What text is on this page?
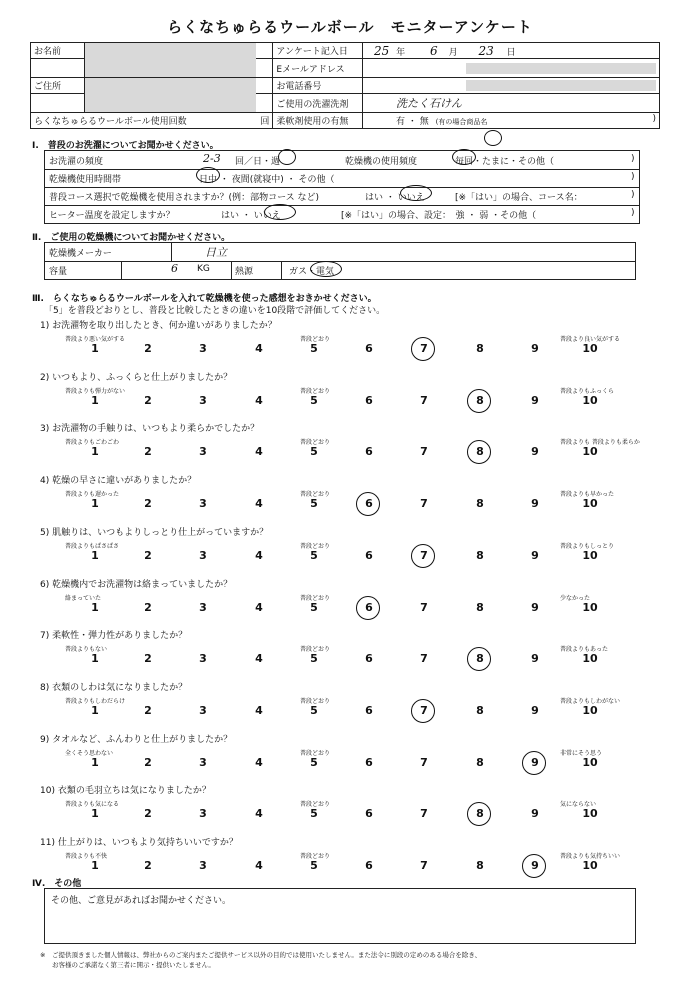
らくなちゅらるウールボール　モニターアンケート
お名前			アンケート記入日	25 年 6 月 23 日
			Eメールアドレス	

ご住所			お電話番号	

			ご使用の洗濯洗剤	洗たく石けん
らくなちゅらるウールボール使用回数		回	柔軟剤使用の有無	有 ・ 無 (有の場合商品名 )
Ⅰ.　普段のお洗濯についてお聞かせください。
お洗濯の頻度	2-3 回／日・週	乾燥機の使用頻度	毎回・たまに・その他（	)
乾燥機使用時間帯	日中 ・ 夜間(就寝中) ・ その他（	)
普段コース選択で乾燥機を使用されますか？(例：部物コース など)	はい ・ いいえ	[※「はい」の場合、コース名：	)
ヒーター温度を設定しますか？	はい ・ いいえ	[※「はい」の場合、設定：　強 ・ 弱 ・その他（	)
Ⅱ.　ご使用の乾燥機についてお聞かせください。
乾燥機メーカー	日立
容量	6 KG	熱源	ガス・電気
Ⅲ.　らくなちゅらるウールボールを入れて乾燥機を使った感想をおきかせください。
「5」を普段どおりとし、普段と比較したときの違いを10段階で評価してください。
1) お洗濯物を取り出したとき、何か違いがありましたか？
普段より悪い気がする	普段どおり	普段より良い気がする
1	2	3	4	5	6	7	8	9	10
2) いつもより、ふっくらと仕上がりましたか？
普段よりも弾力がない	普段どおり	普段よりもふっくら
1	2	3	4	5	6	7	8	9	10
3) お洗濯物の手触りは、いつもより柔らかでしたか？
普段よりもごわごわ	普段どおり	普段よりも 普段よりも柔らか
1	2	3	4	5	6	7	8	9	10
4) 乾燥の早さに違いがありましたか？
普段よりも遅かった	普段どおり	普段よりも早かった
1	2	3	4	5	6	7	8	9	10
5) 肌触りは、いつもよりしっとり仕上がっていますか？
普段よりもぱさぱさ	普段どおり	普段よりもしっとり
1	2	3	4	5	6	7	8	9	10
6) 乾燥機内でお洗濯物は絡まっていましたか？
絡まっていた	普段どおり	少なかった
1	2	3	4	5	6	7	8	9	10
7) 柔軟性・弾力性がありましたか？
普段よりもない	普段どおり	普段よりもあった
1	2	3	4	5	6	7	8	9	10
8) 衣類のしわは気になりましたか？
普段よりもしわだらけ	普段どおり	普段よりもしわがない
1	2	3	4	5	6	7	8	9	10
9) タオルなど、ふんわりと仕上がりましたか？
全くそう思わない	普段どおり	非常にそう思う
1	2	3	4	5	6	7	8	9	10
10) 衣類の毛羽立ちは気になりましたか？
普段よりも気になる	普段どおり	気にならない
1	2	3	4	5	6	7	8	9	10
11) 仕上がりは、いつもより気持ちいいですか？
普段よりも不快	普段どおり	普段よりも気持ちいい
1	2	3	4	5	6	7	8	9	10
Ⅳ.　その他
その他、ご意見があればお聞かせください。
※　ご提供頂きました個人情報は、弊社からのご案内またご提供サービス以外の目的では使用いたしません。また法令に別段の定めのある場合を除き、
お客様のご承諾なく第三者に開示・提供いたしません。
